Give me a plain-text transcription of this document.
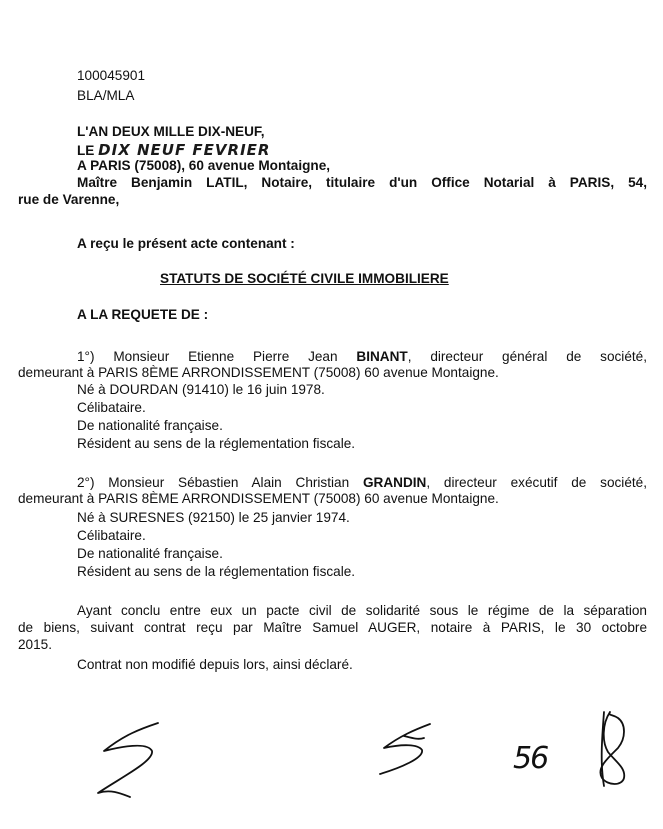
100045901
BLA/MLA
L'AN DEUX MILLE DIX-NEUF,
LE DIX NEUF FEVRIER
A PARIS (75008), 60 avenue Montaigne,
Maître Benjamin LATIL, Notaire, titulaire d'un Office Notarial à PARIS, 54,
rue de Varenne,
A reçu le présent acte contenant :
STATUTS DE SOCIÉTÉ CIVILE IMMOBILIERE
A LA REQUETE DE :
1°) Monsieur Etienne Pierre Jean BINANT, directeur général de société,
demeurant à PARIS 8ÈME ARRONDISSEMENT (75008) 60 avenue Montaigne.
Né à DOURDAN (91410) le 16 juin 1978.
Célibataire.
De nationalité française.
Résident au sens de la réglementation fiscale.
2°) Monsieur Sébastien Alain Christian GRANDIN, directeur exécutif de société,
demeurant à PARIS 8ÈME ARRONDISSEMENT (75008) 60 avenue Montaigne.
Né à SURESNES (92150) le 25 janvier 1974.
Célibataire.
De nationalité française.
Résident au sens de la réglementation fiscale.
Ayant conclu entre eux un pacte civil de solidarité sous le régime de la séparation
de biens, suivant contrat reçu par Maître Samuel AUGER, notaire à PARIS, le 30 octobre
2015.
Contrat non modifié depuis lors, ainsi déclaré.
56
